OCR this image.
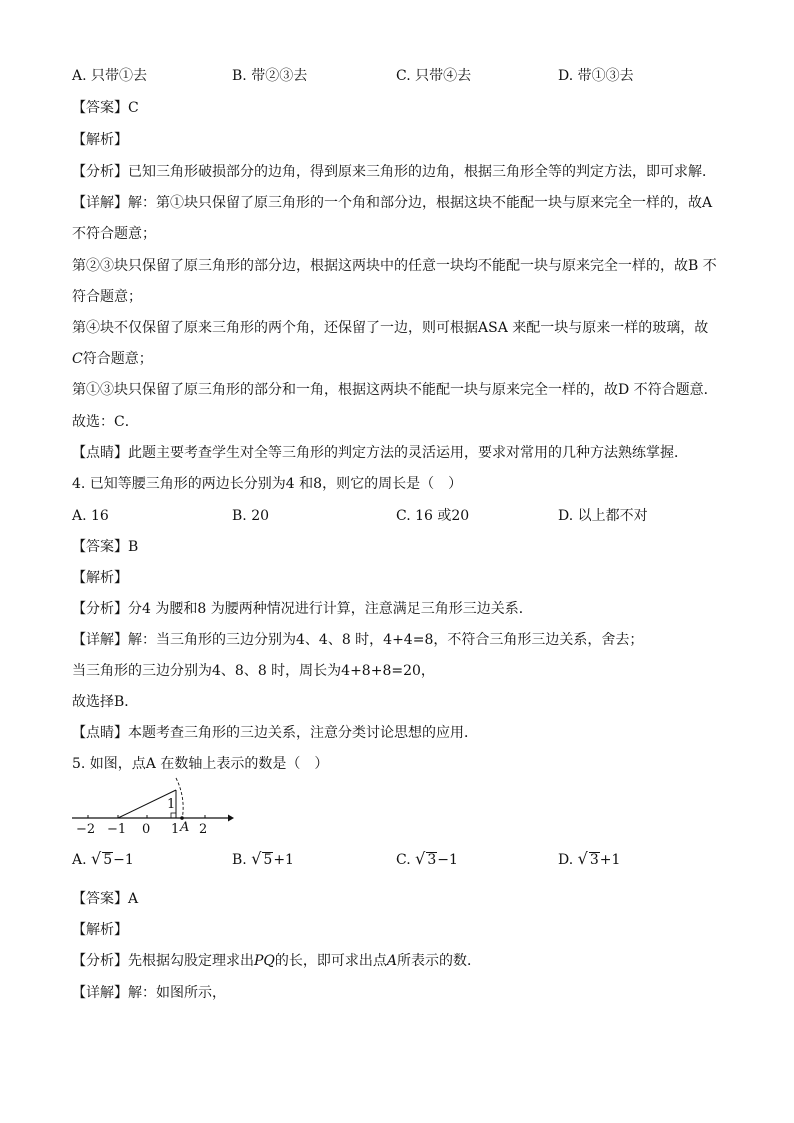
A. 只带①去	B. 带②③去	C. 只带④去	D. 带①③去
【答案】C
【解析】
【分析】已知三角形破损部分的边角，得到原来三角形的边角，根据三角形全等的判定方法，即可求解．
【详解】解：第①块只保留了原三角形的一个角和部分边，根据这块不能配一块与原来完全一样的，故A
不符合题意；
第②③块只保留了原三角形的部分边，根据这两块中的任意一块均不能配一块与原来完全一样的，故B 不
符合题意；
第④块不仅保留了原来三角形的两个角，还保留了一边，则可根据ASA 来配一块与原来一样的玻璃，故
C符合题意；
第①③块只保留了原三角形的部分和一角，根据这两块不能配一块与原来完全一样的，故D 不符合题意．
故选：C．
【点睛】此题主要考查学生对全等三角形的判定方法的灵活运用，要求对常用的几种方法熟练掌握．
4. 已知等腰三角形的两边长分别为4 和8，则它的周长是（　）
A. 16	B. 20	C. 16 或20	D. 以上都不对
【答案】B
【解析】
【分析】分4 为腰和8 为腰两种情况进行计算，注意满足三角形三边关系．
【详解】解：当三角形的三边分别为4、4、8 时，4+4=8，不符合三角形三边关系，舍去；
当三角形的三边分别为4、8、8 时，周长为4+8+8=20，
故选择B．
【点睛】本题考查三角形的三边关系，注意分类讨论思想的应用．
5. 如图，点A 在数轴上表示的数是（　）
1
−2 −1 0 1 A 2
A. √ 5−1	B. √ 5+1	C. √ 3−1	D. √ 3+1
【答案】A
【解析】
【分析】先根据勾股定理求出PQ的长，即可求出点A所表示的数．
【详解】解：如图所示，
